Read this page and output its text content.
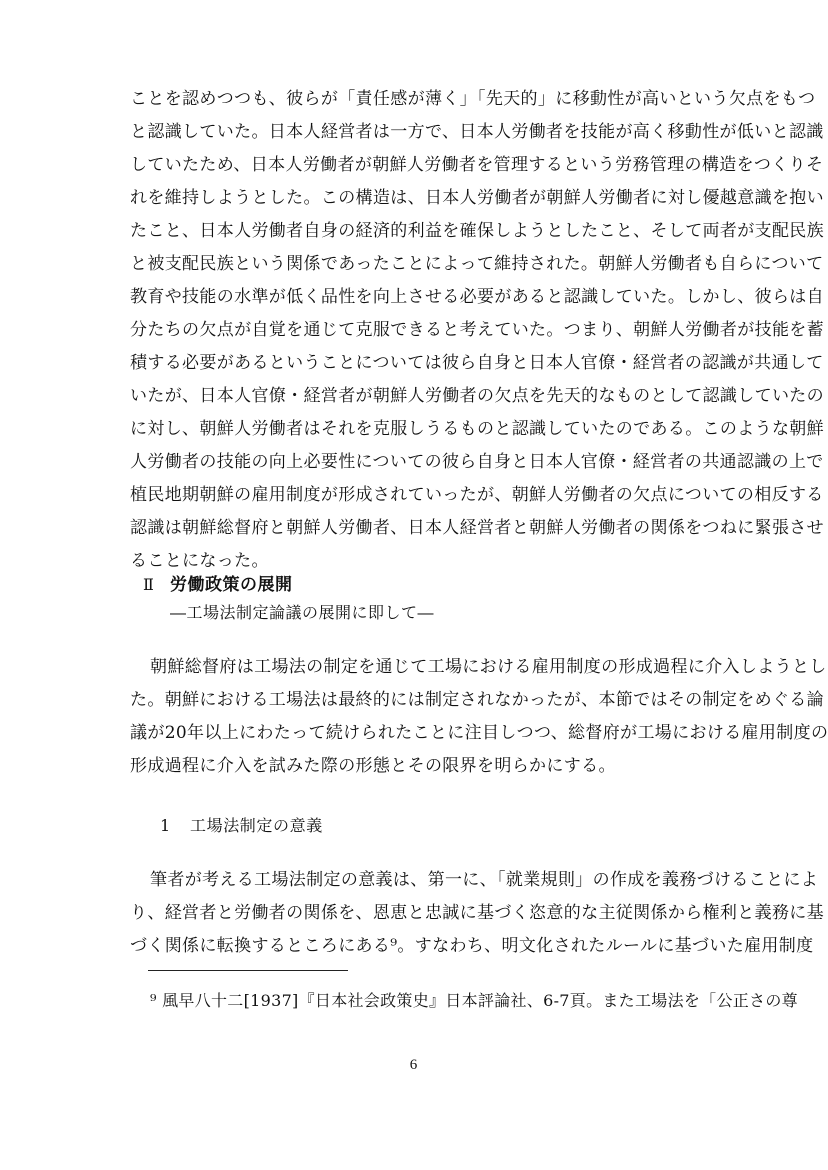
ことを認めつつも、彼らが「責任感が薄く」「先天的」に移動性が高いという欠点をもつ
と認識していた。日本人経営者は一方で、日本人労働者を技能が高く移動性が低いと認識
していたため、日本人労働者が朝鮮人労働者を管理するという労務管理の構造をつくりそ
れを維持しようとした。この構造は、日本人労働者が朝鮮人労働者に対し優越意識を抱い
たこと、日本人労働者自身の経済的利益を確保しようとしたこと、そして両者が支配民族
と被支配民族という関係であったことによって維持された。朝鮮人労働者も自らについて
教育や技能の水準が低く品性を向上させる必要があると認識していた。しかし、彼らは自
分たちの欠点が自覚を通じて克服できると考えていた。つまり、朝鮮人労働者が技能を蓄
積する必要があるということについては彼ら自身と日本人官僚・経営者の認識が共通して
いたが、日本人官僚・経営者が朝鮮人労働者の欠点を先天的なものとして認識していたの
に対し、朝鮮人労働者はそれを克服しうるものと認識していたのである。このような朝鮮
人労働者の技能の向上必要性についての彼ら自身と日本人官僚・経営者の共通認識の上で
植民地期朝鮮の雇用制度が形成されていったが、朝鮮人労働者の欠点についての相反する
認識は朝鮮総督府と朝鮮人労働者、日本人経営者と朝鮮人労働者の関係をつねに緊張させ
ることになった。
Ⅱ 労働政策の展開
―工場法制定論議の展開に即して―
朝鮮総督府は工場法の制定を通じて工場における雇用制度の形成過程に介入しようとし
た。朝鮮における工場法は最終的には制定されなかったが、本節ではその制定をめぐる論
議が20年以上にわたって続けられたことに注目しつつ、総督府が工場における雇用制度の
形成過程に介入を試みた際の形態とその限界を明らかにする。
1 工場法制定の意義
筆者が考える工場法制定の意義は、第一に、「就業規則」の作成を義務づけることによ
り、経営者と労働者の関係を、恩恵と忠誠に基づく恣意的な主従関係から権利と義務に基
づく関係に転換するところにある⁹。すなわち、明文化されたルールに基づいた雇用制度
⁹ 風早八十二[1937]『日本社会政策史』日本評論社、6-7頁。また工場法を「公正さの尊
6
